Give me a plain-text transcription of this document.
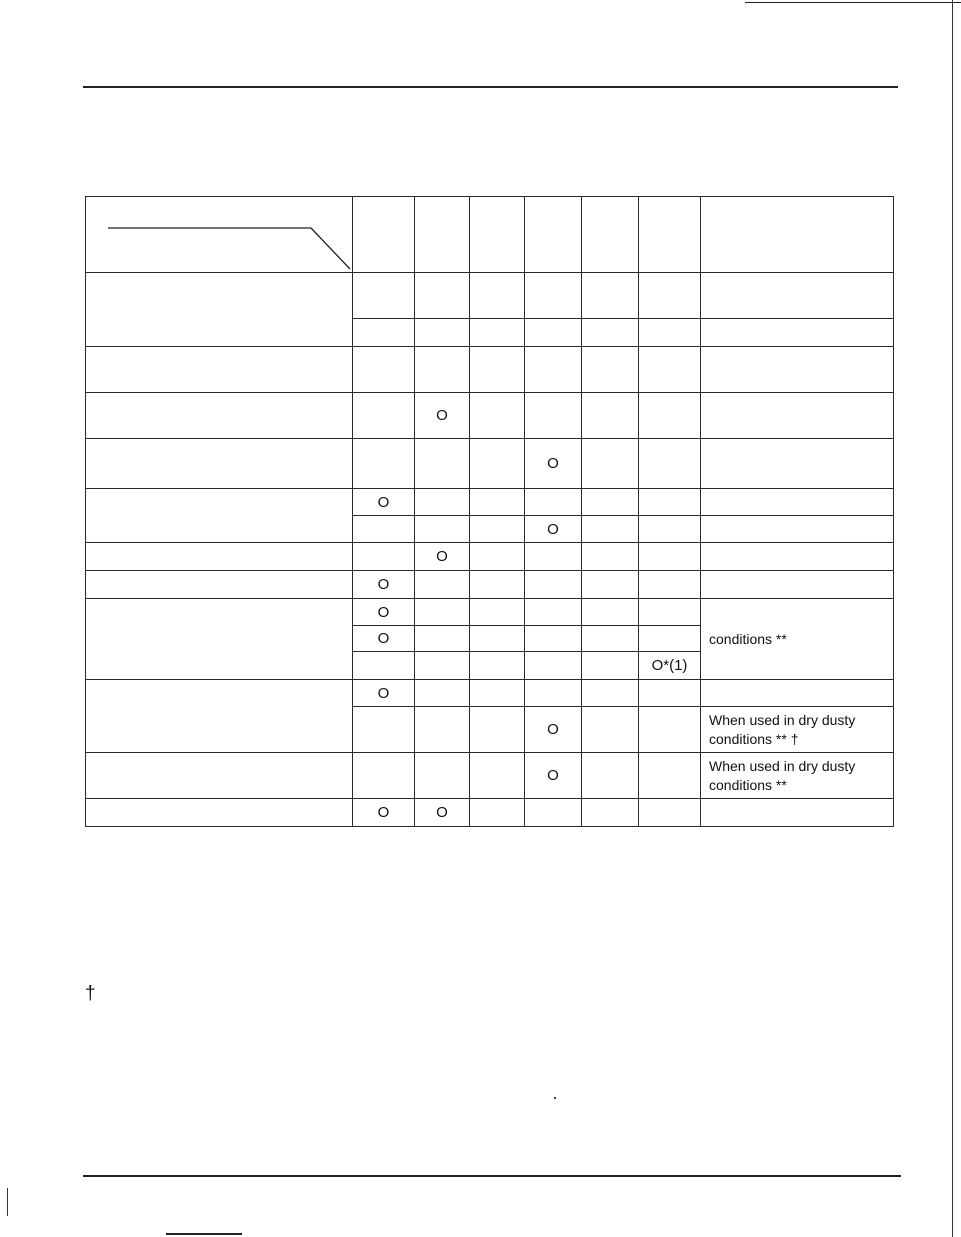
		O					
				O			
	O						
				O			
		O					
	O						
	O						conditions **
	O						
						O*(1)	
	O						
				O			When used in dry dusty conditions ** †
				O			When used in dry dusty conditions **
	O	O					
†
